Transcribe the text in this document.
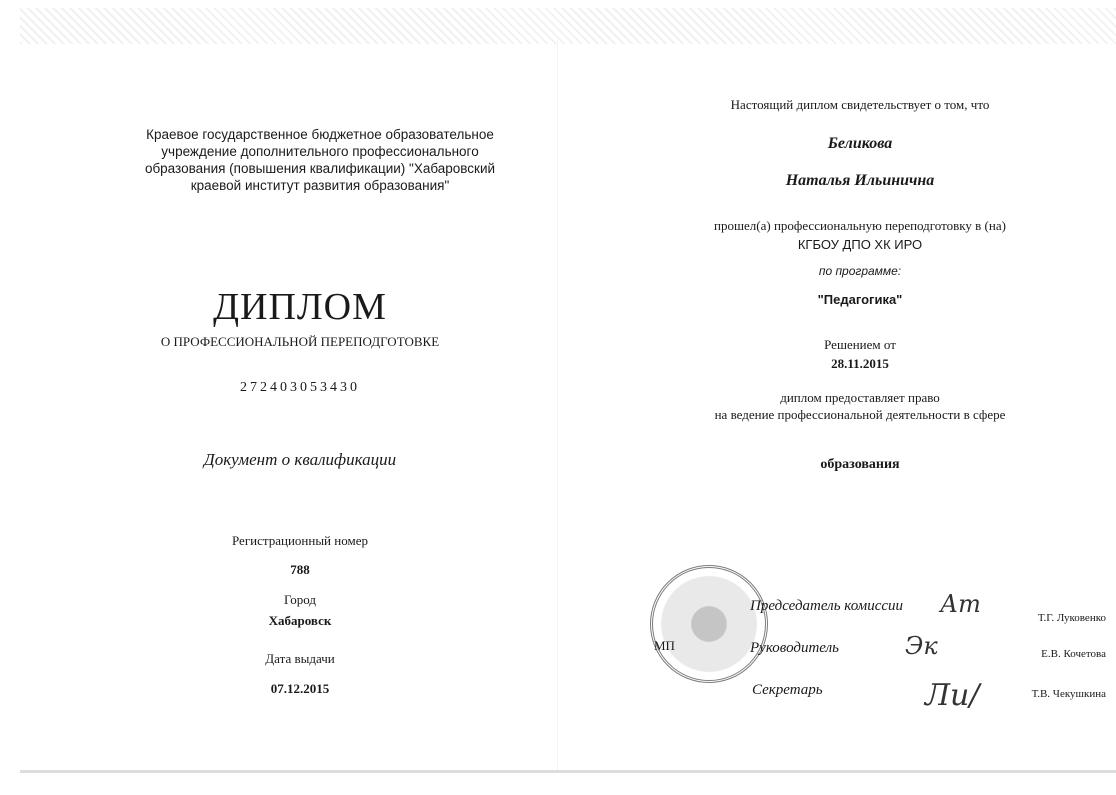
Краевое государственное бюджетное образовательное
учреждение дополнительного профессионального
образования (повышения квалификации) "Хабаровский
краевой институт развития образования"
ДИПЛОМ
О ПРОФЕССИОНАЛЬНОЙ ПЕРЕПОДГОТОВКЕ
272403053430
Документ о квалификации
Регистрационный номер
788
Город
Хабаровск
Дата выдачи
07.12.2015
Настоящий диплом свидетельствует о том, что
Беликова
Наталья Ильинична
прошел(а) профессиональную переподготовку в (на)
КГБОУ ДПО ХК ИРО
по программе:
"Педагогика"
Решением от
28.11.2015
диплом предоставляет право
на ведение профессиональной деятельности в сфере
образования
МП
Председатель комиссии
Руководитель
Секретарь
Ат
Эк
Ли/
Т.Г. Луковенко
Е.В. Кочетова
Т.В. Чекушкина
